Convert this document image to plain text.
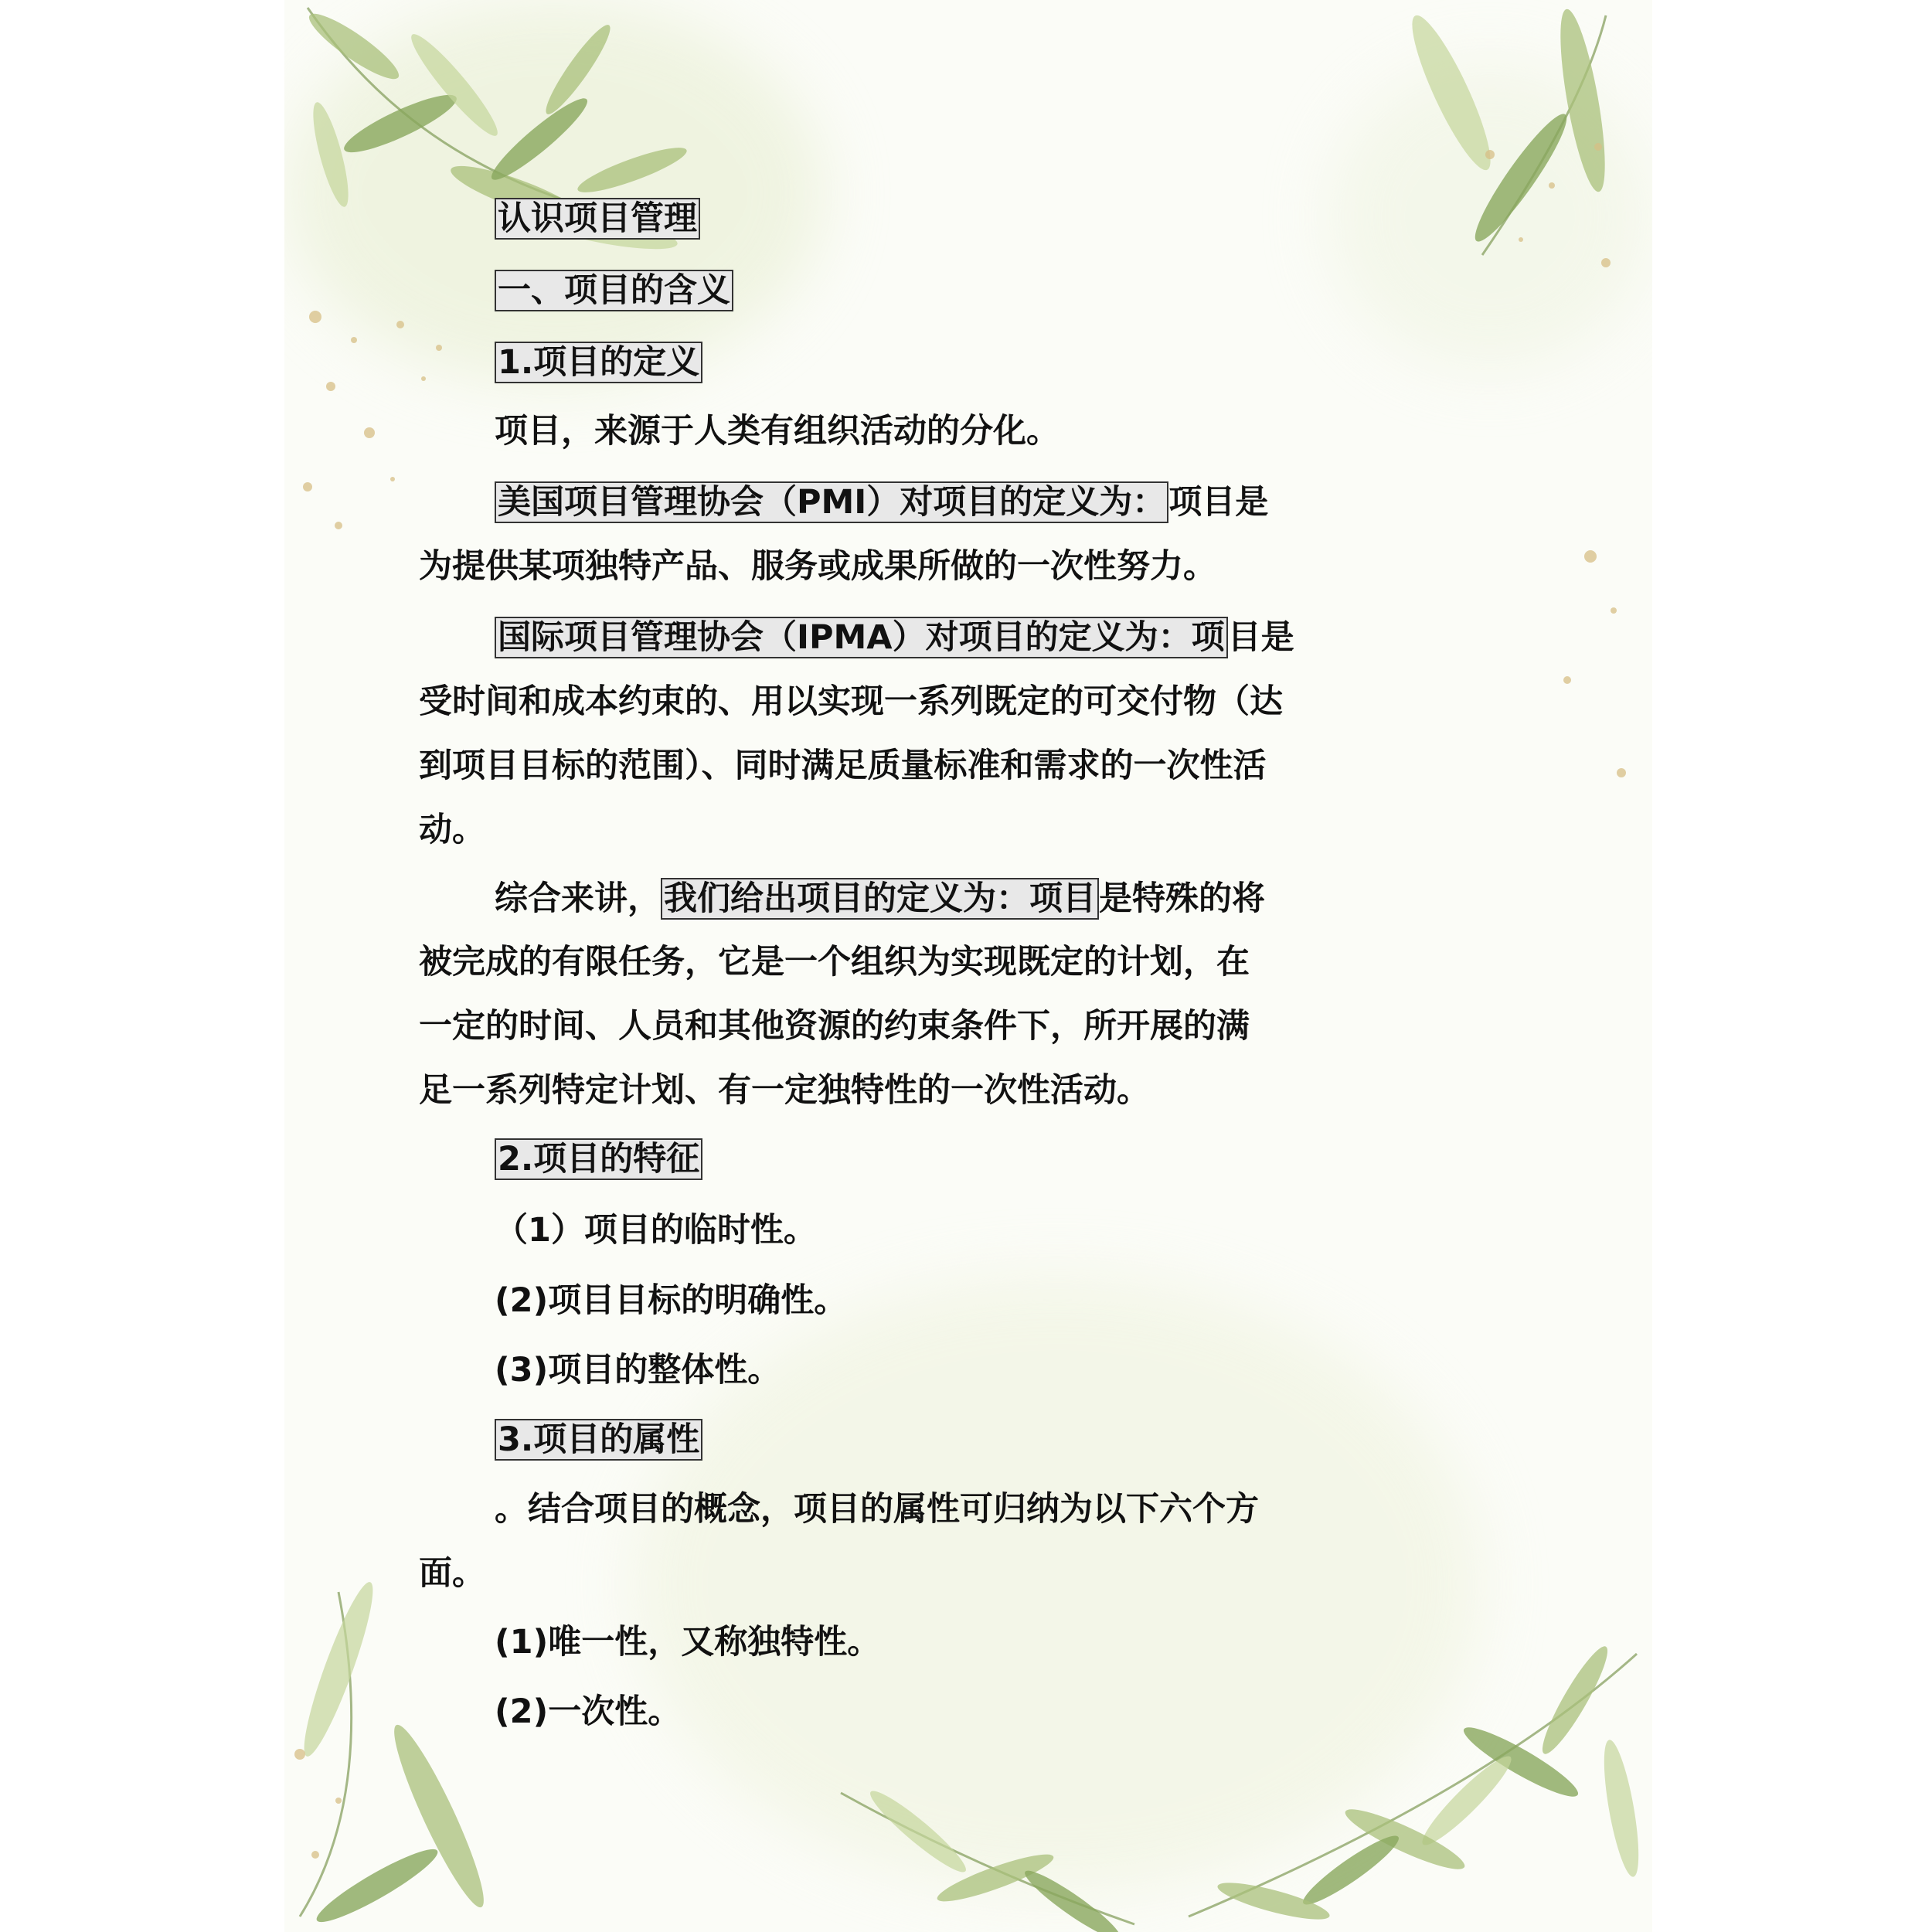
认识项目管理
一、项目的含义
1.项目的定义
项目，来源于人类有组织活动的分化。
美国项目管理协会（PMI）对项目的定义为：项目是
为提供某项独特产品、服务或成果所做的一次性努力。
国际项目管理协会（IPMA）对项目的定义为：项目是
受时间和成本约束的、用以实现一系列既定的可交付物（达
到项目目标的范围）、同时满足质量标准和需求的一次性活
动。
综合来讲，我们给出项目的定义为：项目是特殊的将
被完成的有限任务，它是一个组织为实现既定的计划，在
一定的时间、人员和其他资源的约束条件下，所开展的满
足一系列特定计划、有一定独特性的一次性活动。
2.项目的特征
（1）项目的临时性。
(2)项目目标的明确性。
(3)项目的整体性。
3.项目的属性
。结合项目的概念，项目的属性可归纳为以下六个方
面。
(1)唯一性，又称独特性。
(2)一次性。
